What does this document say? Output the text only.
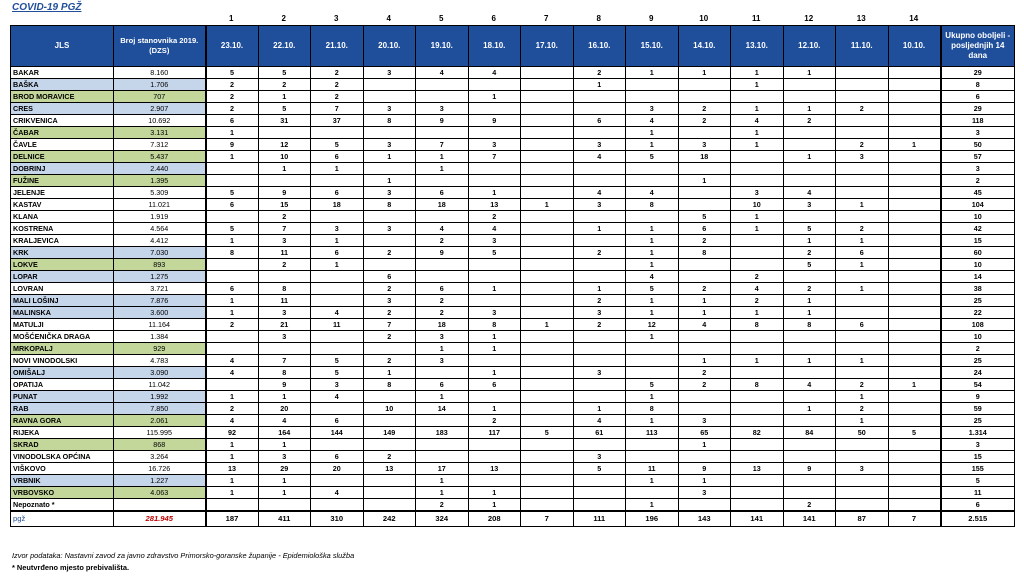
COVID-19 PGŽ
1	2	3	4	5	6	7	8	9	10	11	12	13	14
JLS	Broj stanovnika 2019. (DZS)	23.10.	22.10.	21.10.	20.10.	19.10.	18.10.	17.10.	16.10.	15.10.	14.10.	13.10.	12.10.	11.10.	10.10.	Ukupno oboljeli - posljednjih 14 dana
BAKAR	8.160	5	5	2	3	4	4		2	1	1	1	1			29
BAŠKA	1.706	2	2	2					1			1				8
BROD MORAVICE	707	2	1	2			1									6
CRES	2.907	2	5	7	3	3				3	2	1	1	2		29
CRIKVENICA	10.692	6	31	37	8	9	9		6	4	2	4	2			118
ČABAR	3.131	1								1		1				3
ČAVLE	7.312	9	12	5	3	7	3		3	1	3	1		2	1	50
DELNICE	5.437	1	10	6	1	1	7		4	5	18		1	3		57
DOBRINJ	2.440		1	1		1										3
FUŽINE	1.395				1						1					2
JELENJE	5.309	5	9	6	3	6	1		4	4		3	4			45
KASTAV	11.021	6	15	18	8	18	13	1	3	8		10	3	1		104
KLANA	1.919		2				2				5	1				10
KOSTRENA	4.564	5	7	3	3	4	4		1	1	6	1	5	2		42
KRALJEVICA	4.412	1	3	1		2	3			1	2		1	1		15
KRK	7.030	8	11	6	2	9	5		2	1	8		2	6		60
LOKVE	893		2	1						1			5	1		10
LOPAR	1.275				6					4		2				14
LOVRAN	3.721	6	8		2	6	1		1	5	2	4	2	1		38
MALI LOŠINJ	7.876	1	11		3	2			2	1	1	2	1			25
MALINSKA	3.600	1	3	4	2	2	3		3	1	1	1	1			22
MATULJI	11.164	2	21	11	7	18	8	1	2	12	4	8	8	6		108
MOŠĆENIČKA DRAGA	1.384		3		2	3	1			1						10
MRKOPALJ	929					1	1									2
NOVI VINODOLSKI	4.783	4	7	5	2	3					1	1	1	1		25
OMIŠALJ	3.090	4	8	5	1		1		3		2					24
OPATIJA	11.042		9	3	8	6	6			5	2	8	4	2	1	54
PUNAT	1.992	1	1	4		1				1				1		9
RAB	7.850	2	20		10	14	1		1	8			1	2		59
RAVNA GORA	2.061	4	4	6			2		4	1	3			1		25
RIJEKA	115.995	92	164	144	149	183	117	5	61	113	65	82	84	50	5	1.314
SKRAD	868	1	1								1					3
VINODOLSKA OPĆINA	3.264	1	3	6	2				3							15
VIŠKOVO	16.726	13	29	20	13	17	13		5	11	9	13	9	3		155
VRBNIK	1.227	1	1			1				1	1					5
VRBOVSKO	4.063	1	1	4		1	1				3					11
Nepoznato *						2	1			1			2			6
pgž	281.945	187	411	310	242	324	208	7	111	196	143	141	141	87	7	2.515
Izvor podataka: Nastavni zavod za javno zdravstvo Primorsko-goranske županije - Epidemiološka služba
* Neutvrđeno mjesto prebivališta.
